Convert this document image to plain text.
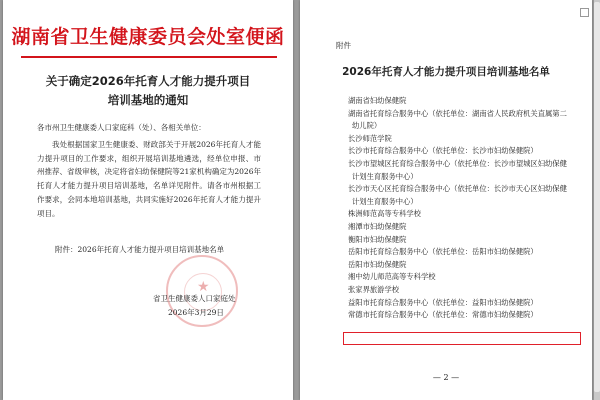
湖南省卫生健康委员会处室便函
关于确定2026年托育人才能力提升项目
培训基地的通知
各市州卫生健康委人口家庭科（处）、各相关单位：
我处根据国家卫生健康委、财政部关于开展2026年托育人才能力提升项目的工作要求，组织开展培训基地遴选，经单位申报、市州推荐、省级审核，决定将省妇幼保健院等21家机构确定为2026年托育人才能力提升项目培训基地，名单详见附件。请各市州根据工作要求，会同本地培训基地，共同实施好2026年托育人才能力提升项目。
附件：2026年托育人才能力提升项目培训基地名单
★
省卫生健康委人口家庭处
2026年3月29日
附件
2026年托育人才能力提升项目培训基地名单
湖南省妇幼保健院
湖南省托育综合服务中心（依托单位：湖南省人民政府机关直属第二幼儿院）
长沙师范学院
长沙市托育综合服务中心（依托单位：长沙市妇幼保健院）
长沙市望城区托育综合服务中心（依托单位：长沙市望城区妇幼保健计划生育服务中心）
长沙市天心区托育综合服务中心（依托单位：长沙市天心区妇幼保健计划生育服务中心）
株洲师范高等专科学校
湘潭市妇幼保健院
衡阳市妇幼保健院
岳阳市托育综合服务中心（依托单位：岳阳市妇幼保健院）
岳阳市妇幼保健院
湘中幼儿师范高等专科学校
张家界旅游学校
益阳市托育综合服务中心（依托单位：益阳市妇幼保健院）
常德市托育综合服务中心（依托单位：常德市妇幼保健院）
— 2 —
